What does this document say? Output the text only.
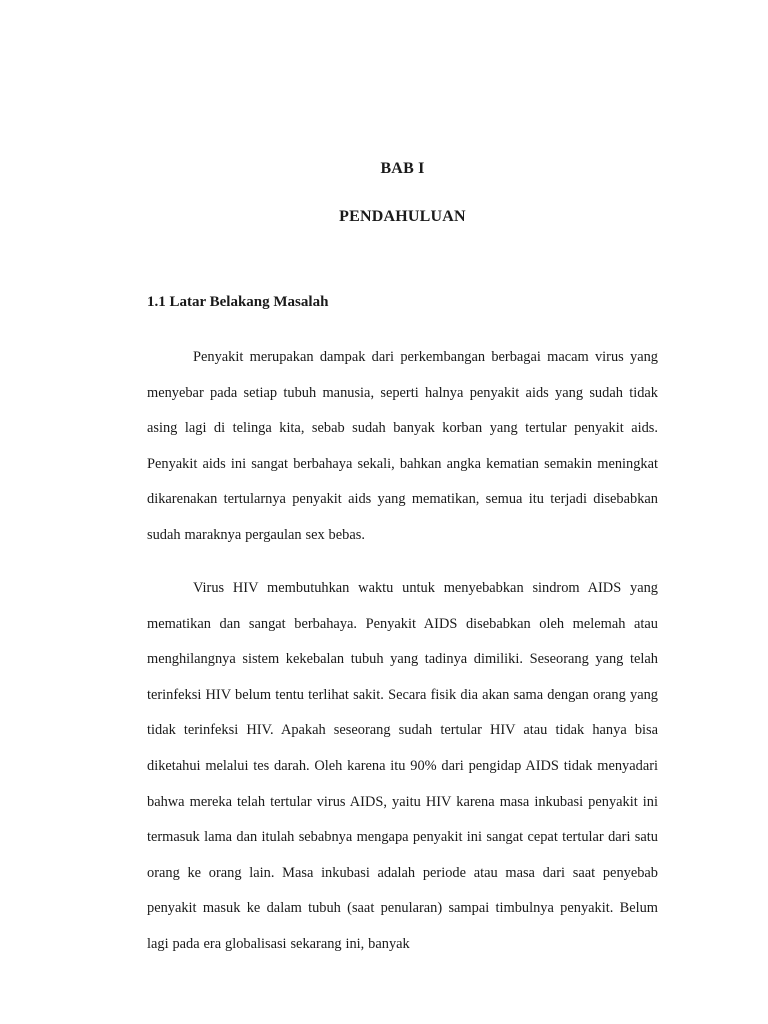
BAB I
PENDAHULUAN
1.1 Latar Belakang Masalah

Penyakit merupakan dampak dari perkembangan berbagai macam virus yang menyebar pada setiap tubuh manusia, seperti halnya penyakit aids yang sudah tidak asing lagi di telinga kita, sebab sudah banyak korban yang tertular penyakit aids. Penyakit aids ini sangat berbahaya sekali, bahkan angka kematian semakin meningkat dikarenakan tertularnya penyakit aids yang mematikan, semua itu terjadi disebabkan sudah maraknya pergaulan sex bebas.

Virus HIV membutuhkan waktu untuk menyebabkan sindrom AIDS yang mematikan dan sangat berbahaya. Penyakit AIDS disebabkan oleh melemah atau menghilangnya sistem kekebalan tubuh yang tadinya dimiliki. Seseorang yang telah terinfeksi HIV belum tentu terlihat sakit. Secara fisik dia akan sama dengan orang yang tidak terinfeksi HIV. Apakah seseorang sudah tertular HIV atau tidak hanya bisa diketahui melalui tes darah. Oleh karena itu 90% dari pengidap AIDS tidak menyadari bahwa mereka telah tertular virus AIDS, yaitu HIV karena masa inkubasi penyakit ini termasuk lama dan itulah sebabnya mengapa penyakit ini sangat cepat tertular dari satu orang ke orang lain. Masa inkubasi adalah periode atau masa dari saat penyebab penyakit masuk ke dalam tubuh (saat penularan) sampai timbulnya penyakit. Belum lagi pada era globalisasi sekarang ini, banyak
